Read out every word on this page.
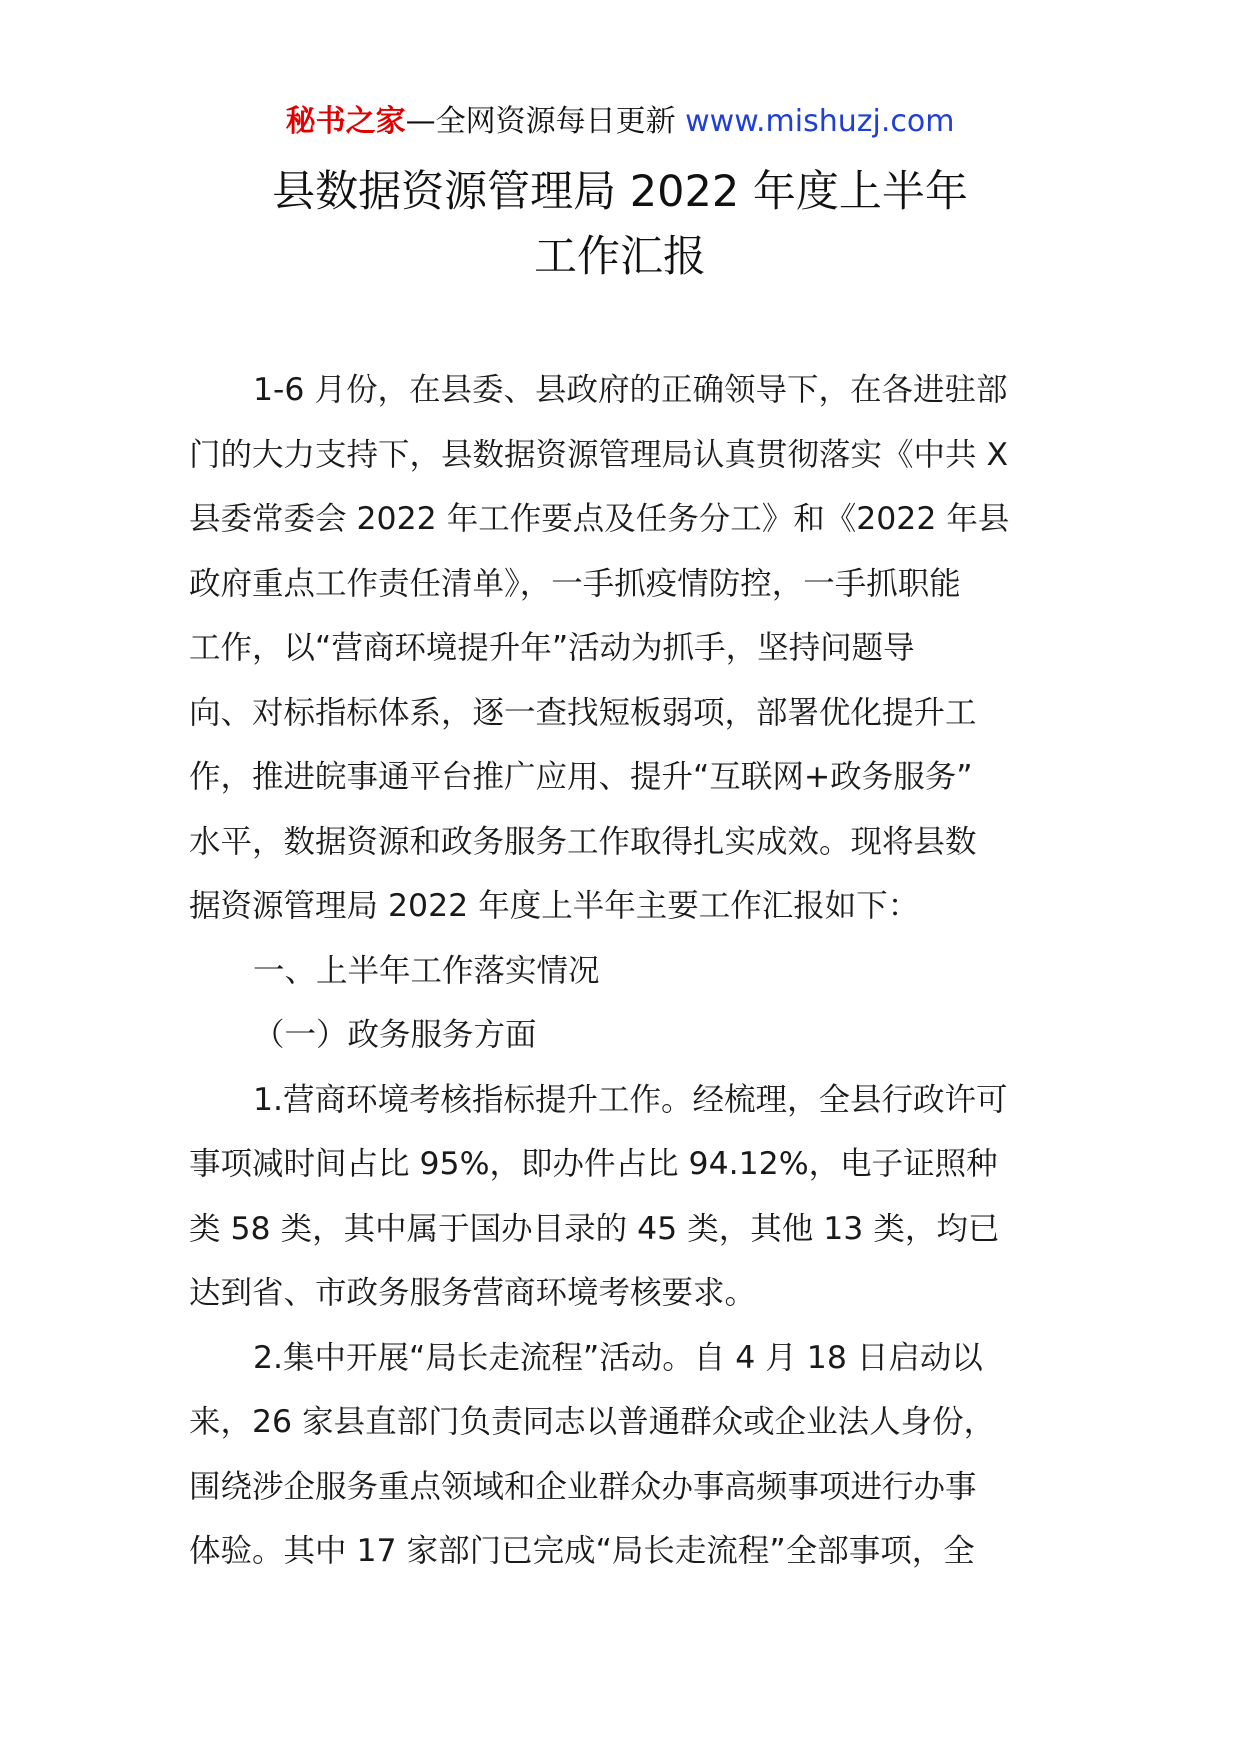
秘书之家—全网资源每日更新 www.mishuzj.com
县数据资源管理局 2022 年度上半年
工作汇报
1-6 月份，在县委、县政府的正确领导下，在各进驻部
门的大力支持下，县数据资源管理局认真贯彻落实《中共 X
县委常委会 2022 年工作要点及任务分工》和《2022 年县
政府重点工作责任清单》，一手抓疫情防控，一手抓职能
工作，以“营商环境提升年”活动为抓手，坚持问题导
向、对标指标体系，逐一查找短板弱项，部署优化提升工
作，推进皖事通平台推广应用、提升“互联网+政务服务”
水平，数据资源和政务服务工作取得扎实成效。现将县数
据资源管理局 2022 年度上半年主要工作汇报如下：
一、上半年工作落实情况
（一）政务服务方面
1.营商环境考核指标提升工作。经梳理，全县行政许可
事项减时间占比 95%，即办件占比 94.12%，电子证照种
类 58 类，其中属于国办目录的 45 类，其他 13 类，均已
达到省、市政务服务营商环境考核要求。
2.集中开展“局长走流程”活动。自 4 月 18 日启动以
来，26 家县直部门负责同志以普通群众或企业法人身份，
围绕涉企服务重点领域和企业群众办事高频事项进行办事
体验。其中 17 家部门已完成“局长走流程”全部事项，全
